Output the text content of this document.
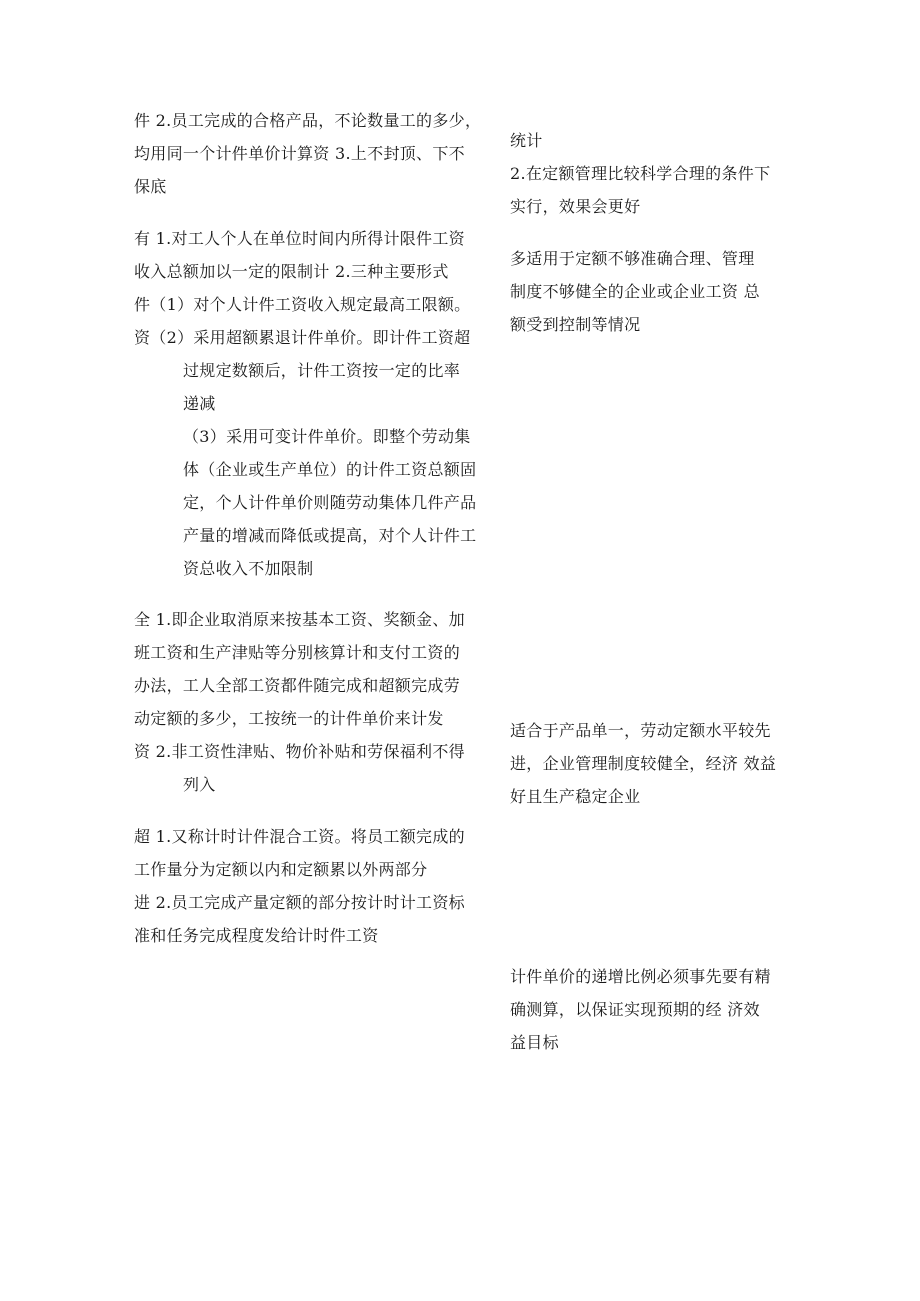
件 2.员工完成的合格产品，不论数量工的多少，
均用同一个计件单价计算资 3.上不封顶、下不
保底
有 1.对工人个人在单位时间内所得计限件工资
收入总额加以一定的限制计 2.三种主要形式
件（1）对个人计件工资收入规定最高工限额。
资（2）采用超额累退计件单价。即计件工资超
过规定数额后，计件工资按一定的比率
递减
（3）采用可变计件单价。即整个劳动集
体（企业或生产单位）的计件工资总额固
定，个人计件单价则随劳动集体几件产品
产量的增减而降低或提高，对个人计件工
资总收入不加限制
全 1.即企业取消原来按基本工资、奖额金、加
班工资和生产津贴等分别核算计和支付工资的
办法，工人全部工资都件随完成和超额完成劳
动定额的多少，工按统一的计件单价来计发
资 2.非工资性津贴、物价补贴和劳保福利不得
列入
超 1.又称计时计件混合工资。将员工额完成的
工作量分为定额以内和定额累以外两部分
进 2.员工完成产量定额的部分按计时计工资标
准和任务完成程度发给计时件工资
统计
2.在定额管理比较科学合理的条件下
实行，效果会更好
多适用于定额不够准确合理、管理
制度不够健全的企业或企业工资 总
额受到控制等情况
适合于产品单一，劳动定额水平较先
进，企业管理制度较健全，经济 效益
好且生产稳定企业
计件单价的递增比例必须事先要有精
确测算，以保证实现预期的经 济效
益目标
